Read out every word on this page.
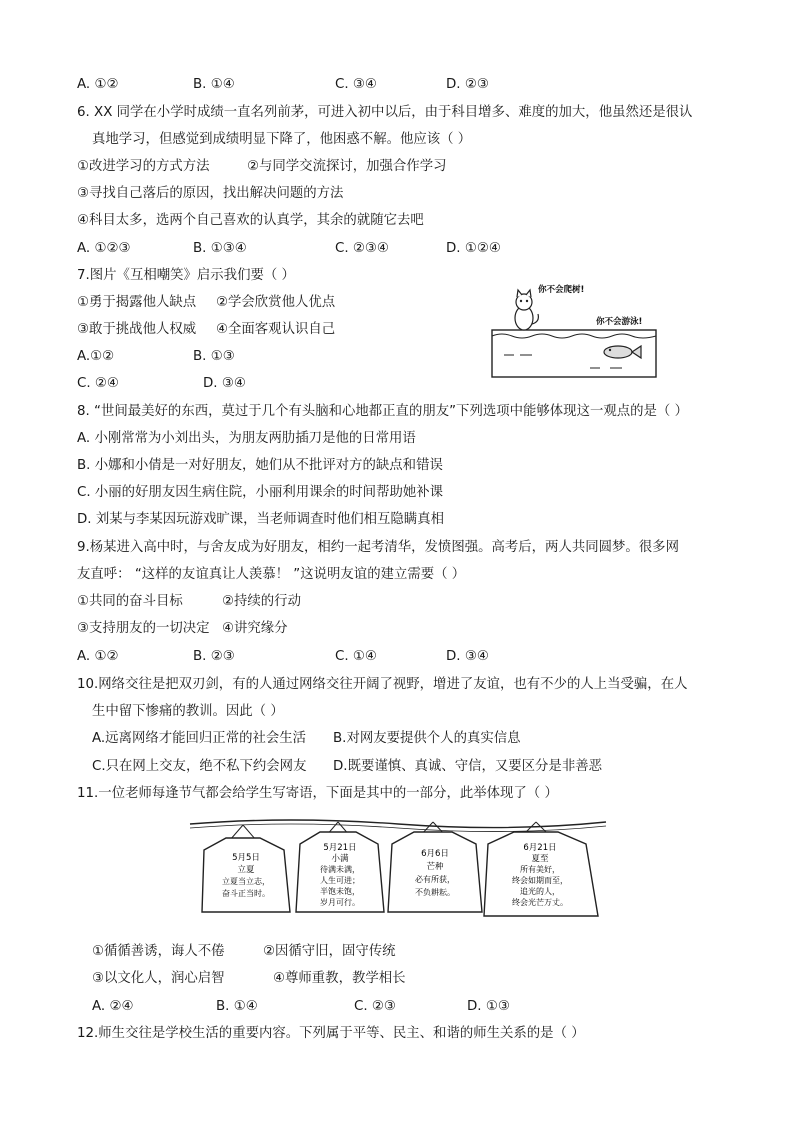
A. ①②	B. ①④	C. ③④	D. ②③
6. XX 同学在小学时成绩一直名列前茅，可进入初中以后，由于科目增多、难度的加大，他虽然还是很认
真地学习，但感觉到成绩明显下降了，他困惑不解。他应该（ ）
①改进学习的方式方法	②与同学交流探讨，加强合作学习
③寻找自己落后的原因，找出解决问题的方法
④科目太多，选两个自己喜欢的认真学，其余的就随它去吧
A. ①②③	B. ①③④	C. ②③④	D. ①②④
7.图片《互相嘲笑》启示我们要（ ）
①勇于揭露他人缺点 ②学会欣赏他人优点
③敢于挑战他人权威 ④全面客观认识自己
A.①②	B. ①③
C. ②④	D. ③④
你不会爬树!
你不会游泳!
8. “世间最美好的东西，莫过于几个有头脑和心地都正直的朋友”下列选项中能够体现这一观点的是（ ）
A. 小刚常常为小刘出头，为朋友两肋插刀是他的日常用语
B. 小娜和小倩是一对好朋友，她们从不批评对方的缺点和错误
C. 小丽的好朋友因生病住院，小丽利用课余的时间帮助她补课
D. 刘某与李某因玩游戏旷课，当老师调查时他们相互隐瞒真相
9.杨某进入高中时，与舍友成为好朋友，相约一起考清华，发愤图强。高考后，两人共同圆梦。很多网
友直呼： “这样的友谊真让人羡慕！ ”这说明友谊的建立需要（ ）
①共同的奋斗目标	②持续的行动
③支持朋友的一切决定 ④讲究缘分
A. ①②	B. ②③	C. ①④	D. ③④
10.网络交往是把双刃剑，有的人通过网络交往开阔了视野，增进了友谊，也有不少的人上当受骗，在人
生中留下惨痛的教训。因此（ ）
A.远离网络才能回归正常的社会生活 B.对网友要提供个人的真实信息
C.只在网上交友，绝不私下约会网友 D.既要谨慎、真诚、守信，又要区分是非善恶
11.一位老师每逢节气都会给学生写寄语，下面是其中的一部分，此举体现了（ ）
5月5日
立夏
立夏当立志，
奋斗正当时。
5月21日
小满
待满未满，
人生可进；
半饱未饱，
岁月可行。
6月6日
芒种
必有所获，
不负耕耘。
6月21日
夏至
所有美好，
终会如期而至，
追光的人，
终会光芒万丈。
①循循善诱，诲人不倦	②因循守旧，固守传统
③以文化人，润心启智	④尊师重教，教学相长
A. ②④	B. ①④	C. ②③	D. ①③
12.师生交往是学校生活的重要内容。下列属于平等、民主、和谐的师生关系的是（ ）
